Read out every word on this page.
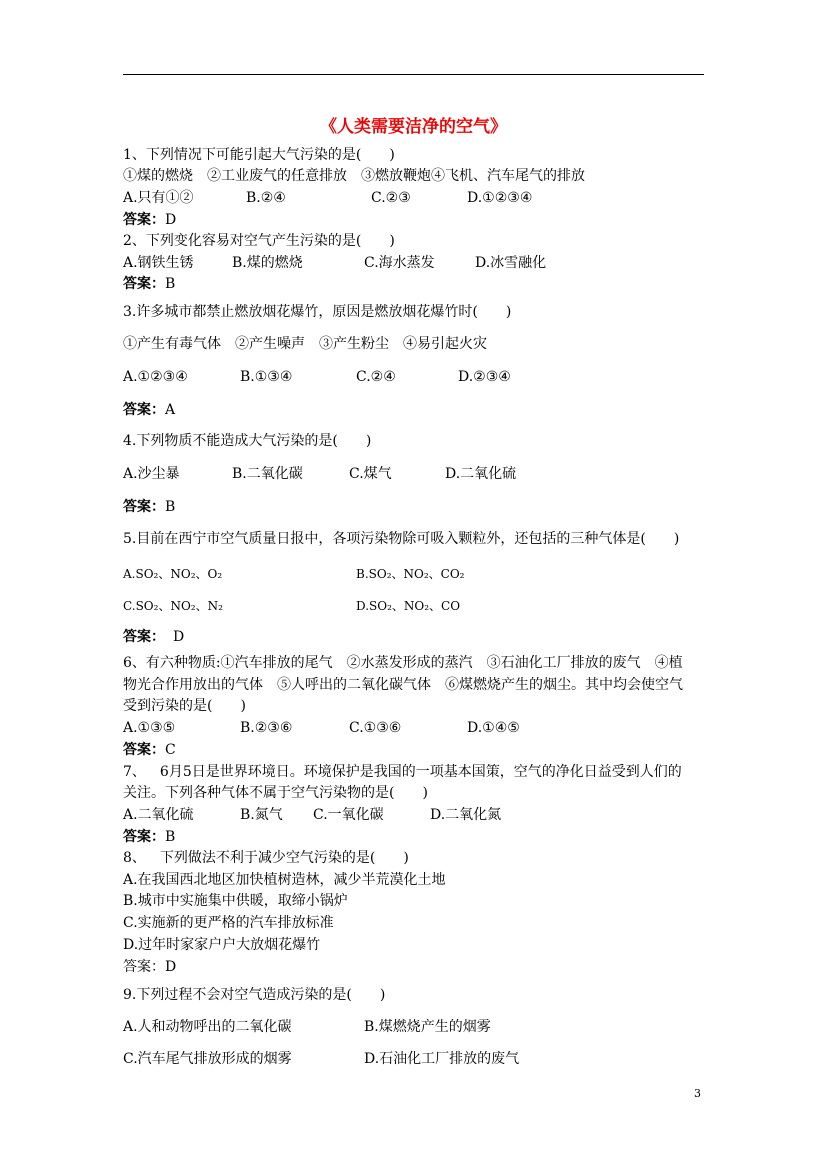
《人类需要洁净的空气》
1、下列情况下可能引起大气污染的是(　　)
①煤的燃烧　②工业废气的任意排放　③燃放鞭炮④飞机、汽车尾气的排放
A.只有①②	B.②④	C.②③	D.①②③④
答案：D
2、下列变化容易对空气产生污染的是(　　)
A.钢铁生锈	B.煤的燃烧	C.海水蒸发	D.冰雪融化
答案：B
3.许多城市都禁止燃放烟花爆竹，原因是燃放烟花爆竹时(　　)
①产生有毒气体　②产生噪声　③产生粉尘　④易引起火灾
A.①②③④	B.①③④	C.②④	D.②③④
答案：A
4.下列物质不能造成大气污染的是(　　)
A.沙尘暴	B.二氧化碳	C.煤气	D.二氧化硫
答案：B
5.目前在西宁市空气质量日报中，各项污染物除可吸入颗粒外，还包括的三种气体是(　　)
A.SO₂、NO₂、O₂	B.SO₂、NO₂、CO₂
C.SO₂、NO₂、N₂	D.SO₂、NO₂、CO
答案： D
6、有六种物质:①汽车排放的尾气　②水蒸发形成的蒸汽　③石油化工厂排放的废气　④植
物光合作用放出的气体　⑤人呼出的二氧化碳气体　⑥煤燃烧产生的烟尘。其中均会使空气
受到污染的是(　　)
A.①③⑤	B.②③⑥	C.①③⑥	D.①④⑤
答案：C
7、 6月5日是世界环境日。环境保护是我国的一项基本国策，空气的净化日益受到人们的
关注。下列各种气体不属于空气污染物的是(　　)
A.二氧化硫	B.氮气 C.一氧化碳	D.二氧化氮
答案：B
8、 下列做法不利于减少空气污染的是(　　)
A.在我国西北地区加快植树造林，减少半荒漠化土地
B.城市中实施集中供暖，取缔小锅炉
C.实施新的更严格的汽车排放标准
D.过年时家家户户大放烟花爆竹
答案：D
9.下列过程不会对空气造成污染的是(　　)
A.人和动物呼出的二氧化碳	B.煤燃烧产生的烟雾
C.汽车尾气排放形成的烟雾	D.石油化工厂排放的废气
3
